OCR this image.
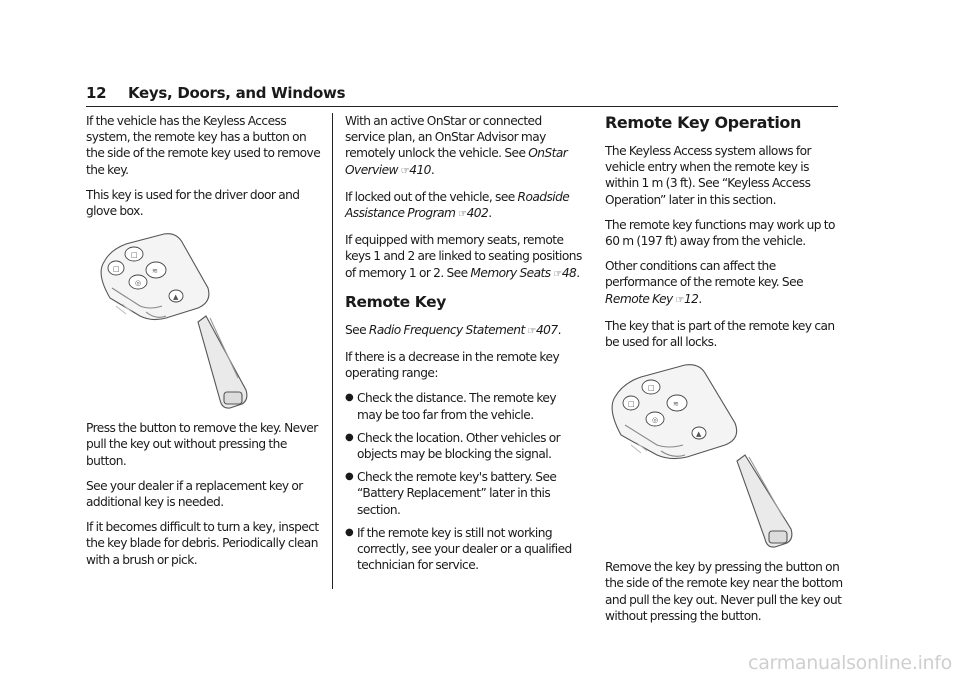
12 Keys, Doors, and Windows

If the vehicle has the Keyless Access system, the remote key has a button on the side of the remote key used to remove the key.

This key is used for the driver door and glove box.

□
□	≋
◎
▲

Press the button to remove the key. Never pull the key out without pressing the button.

See your dealer if a replacement key or additional key is needed.

If it becomes difficult to turn a key, inspect the key blade for debris. Periodically clean with a brush or pick.

With an active OnStar or connected service plan, an OnStar Advisor may remotely unlock the vehicle. See OnStar Overview ☞410.

If locked out of the vehicle, see Roadside Assistance Program ☞402.

If equipped with memory seats, remote keys 1 and 2 are linked to seating positions of memory 1 or 2. See Memory Seats ☞48.

Remote Key

See Radio Frequency Statement ☞407.

If there is a decrease in the remote key operating range:

● Check the distance. The remote key may be too far from the vehicle.
● Check the location. Other vehicles or objects may be blocking the signal.
● Check the remote key's battery. See “Battery Replacement” later in this section.
● If the remote key is still not working correctly, see your dealer or a qualified technician for service.
Remote Key Operation

The Keyless Access system allows for vehicle entry when the remote key is within 1 m (3 ft). See “Keyless Access Operation” later in this section.

The remote key functions may work up to 60 m (197 ft) away from the vehicle.

Other conditions can affect the performance of the remote key. See Remote Key ☞12.

The key that is part of the remote key can be used for all locks.

□
□	≋
◎
▲

Remove the key by pressing the button on the side of the remote key near the bottom and pull the key out. Never pull the key out without pressing the button.

carmanualsonline.info
